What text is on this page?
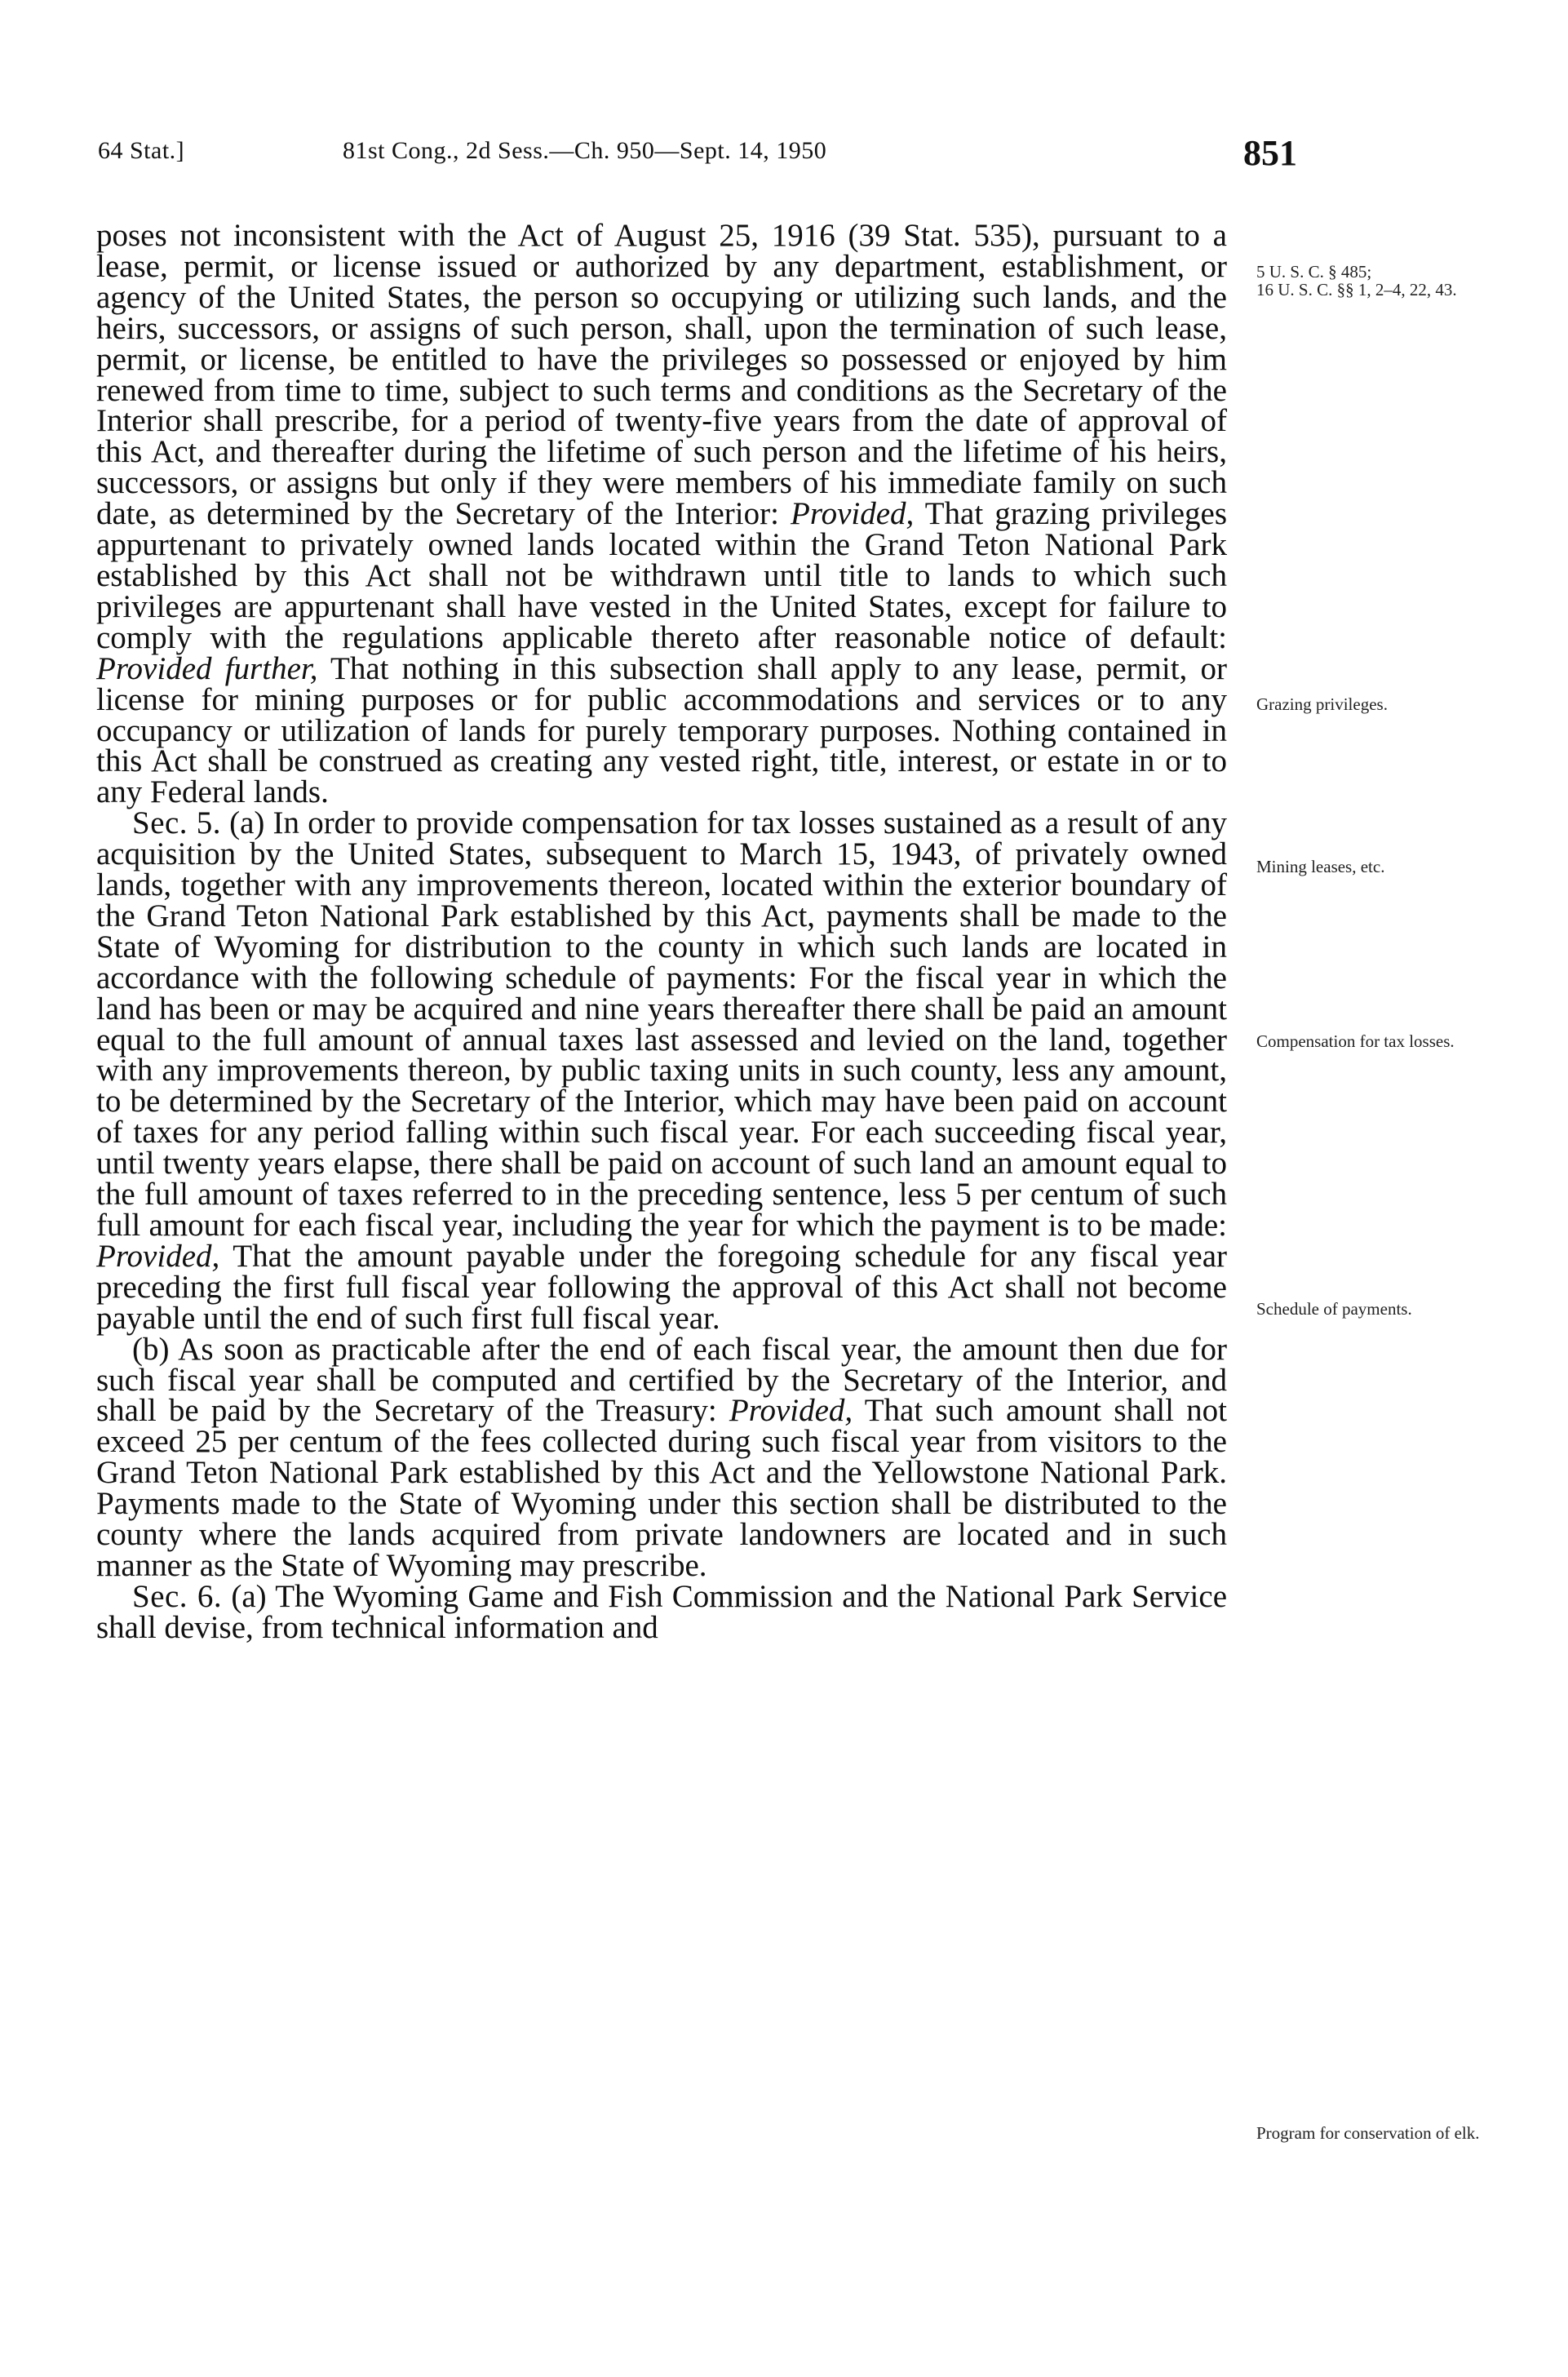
64 Stat.]	81st Cong., 2d Sess.—Ch. 950—Sept. 14, 1950	851

poses not inconsistent with the Act of August 25, 1916 (39 Stat. 535), pursuant to a lease, permit, or license issued or authorized by any department, establishment, or agency of the United States, the person so occupying or utilizing such lands, and the heirs, successors, or assigns of such person, shall, upon the termination of such lease, permit, or license, be entitled to have the privileges so possessed or enjoyed by him renewed from time to time, subject to such terms and conditions as the Secretary of the Interior shall prescribe, for a period of twenty-five years from the date of approval of this Act, and thereafter during the lifetime of such person and the lifetime of his heirs, successors, or assigns but only if they were members of his immediate family on such date, as determined by the Secretary of the Interior: Provided, That grazing privileges appurtenant to privately owned lands located within the Grand Teton National Park established by this Act shall not be withdrawn until title to lands to which such privileges are appurtenant shall have vested in the United States, except for failure to comply with the regulations applicable thereto after reasonable notice of default: Provided further, That nothing in this subsection shall apply to any lease, permit, or license for mining purposes or for public accommodations and services or to any occupancy or utilization of lands for purely temporary purposes. Nothing contained in this Act shall be construed as creating any vested right, title, interest, or estate in or to any Federal lands.

Sec. 5. (a) In order to provide compensation for tax losses sustained as a result of any acquisition by the United States, subsequent to March 15, 1943, of privately owned lands, together with any improvements thereon, located within the exterior boundary of the Grand Teton National Park established by this Act, payments shall be made to the State of Wyoming for distribution to the county in which such lands are located in accordance with the following schedule of payments: For the fiscal year in which the land has been or may be acquired and nine years thereafter there shall be paid an amount equal to the full amount of annual taxes last assessed and levied on the land, together with any improvements thereon, by public taxing units in such county, less any amount, to be determined by the Secretary of the Interior, which may have been paid on account of taxes for any period falling within such fiscal year. For each succeeding fiscal year, until twenty years elapse, there shall be paid on account of such land an amount equal to the full amount of taxes referred to in the preceding sentence, less 5 per centum of such full amount for each fiscal year, including the year for which the payment is to be made: Provided, That the amount payable under the foregoing schedule for any fiscal year preceding the first full fiscal year following the approval of this Act shall not become payable until the end of such first full fiscal year.

(b) As soon as practicable after the end of each fiscal year, the amount then due for such fiscal year shall be computed and certified by the Secretary of the Interior, and shall be paid by the Secretary of the Treasury: Provided, That such amount shall not exceed 25 per centum of the fees collected during such fiscal year from visitors to the Grand Teton National Park established by this Act and the Yellowstone National Park. Payments made to the State of Wyoming under this section shall be distributed to the county where the lands acquired from private landowners are located and in such manner as the State of Wyoming may prescribe.

Sec. 6. (a) The Wyoming Game and Fish Commission and the National Park Service shall devise, from technical information and

5 U. S. C. § 485;
16 U. S. C. §§ 1, 2–4, 22, 43.
Grazing privileges.
Mining leases, etc.
Compensation for tax losses.
Schedule of payments.
Program for conservation of elk.
